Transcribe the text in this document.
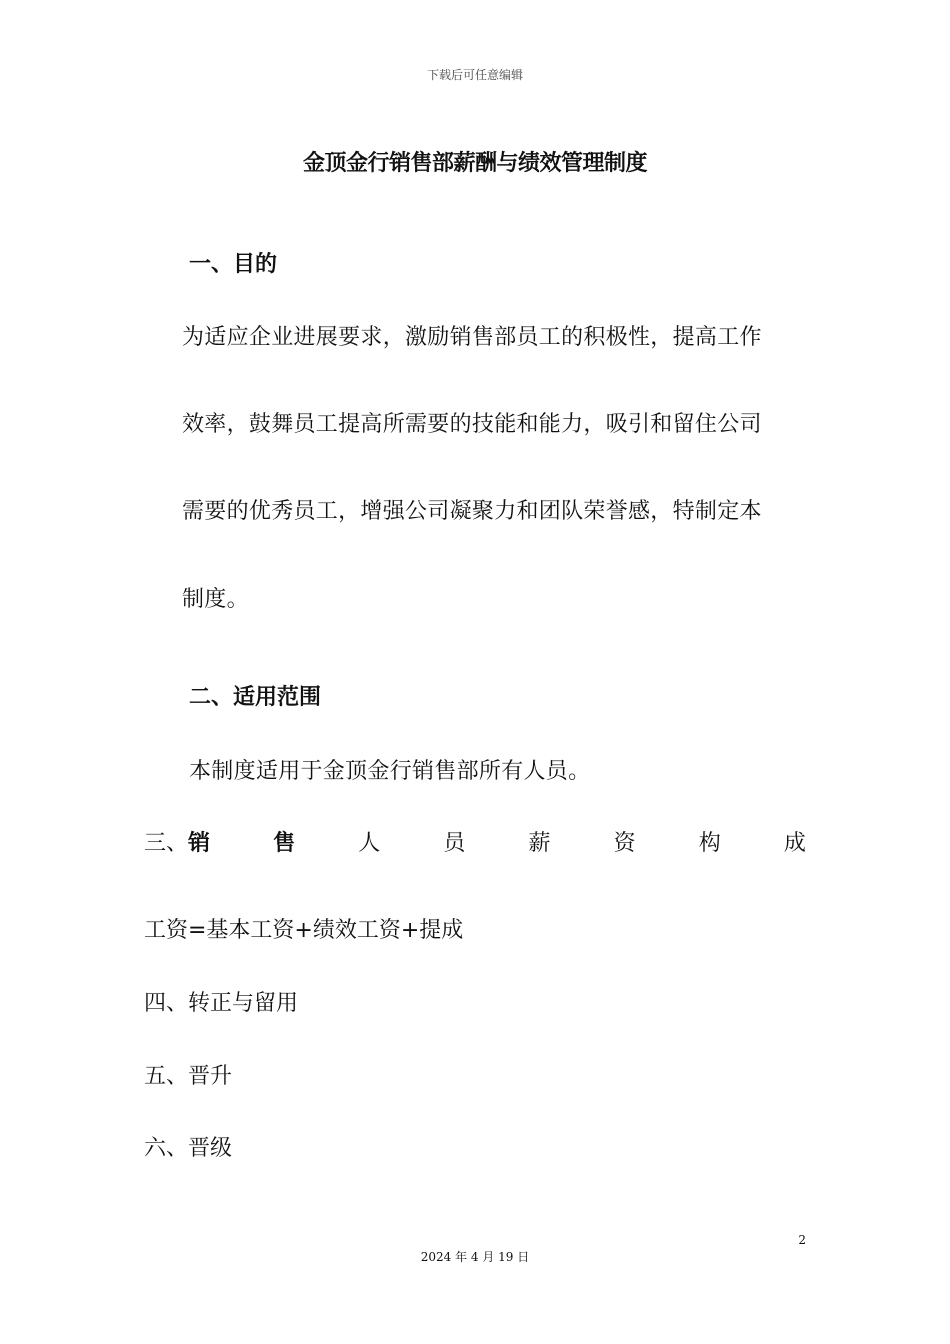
下载后可任意编辑
金顶金行销售部薪酬与绩效管理制度
一、目的
为适应企业进展要求，激励销售部员工的积极性，提高工作
效率，鼓舞员工提高所需要的技能和能力，吸引和留住公司
需要的优秀员工，增强公司凝聚力和团队荣誉感，特制定本
制度。
二、适用范围
本制度适用于金顶金行销售部所有人员。
三、 销	售	人	员	薪	资	构	成
工资=基本工资+绩效工资+提成
四、转正与留用
五、晋升
六、晋级
2
2024 年 4 月 19 日
